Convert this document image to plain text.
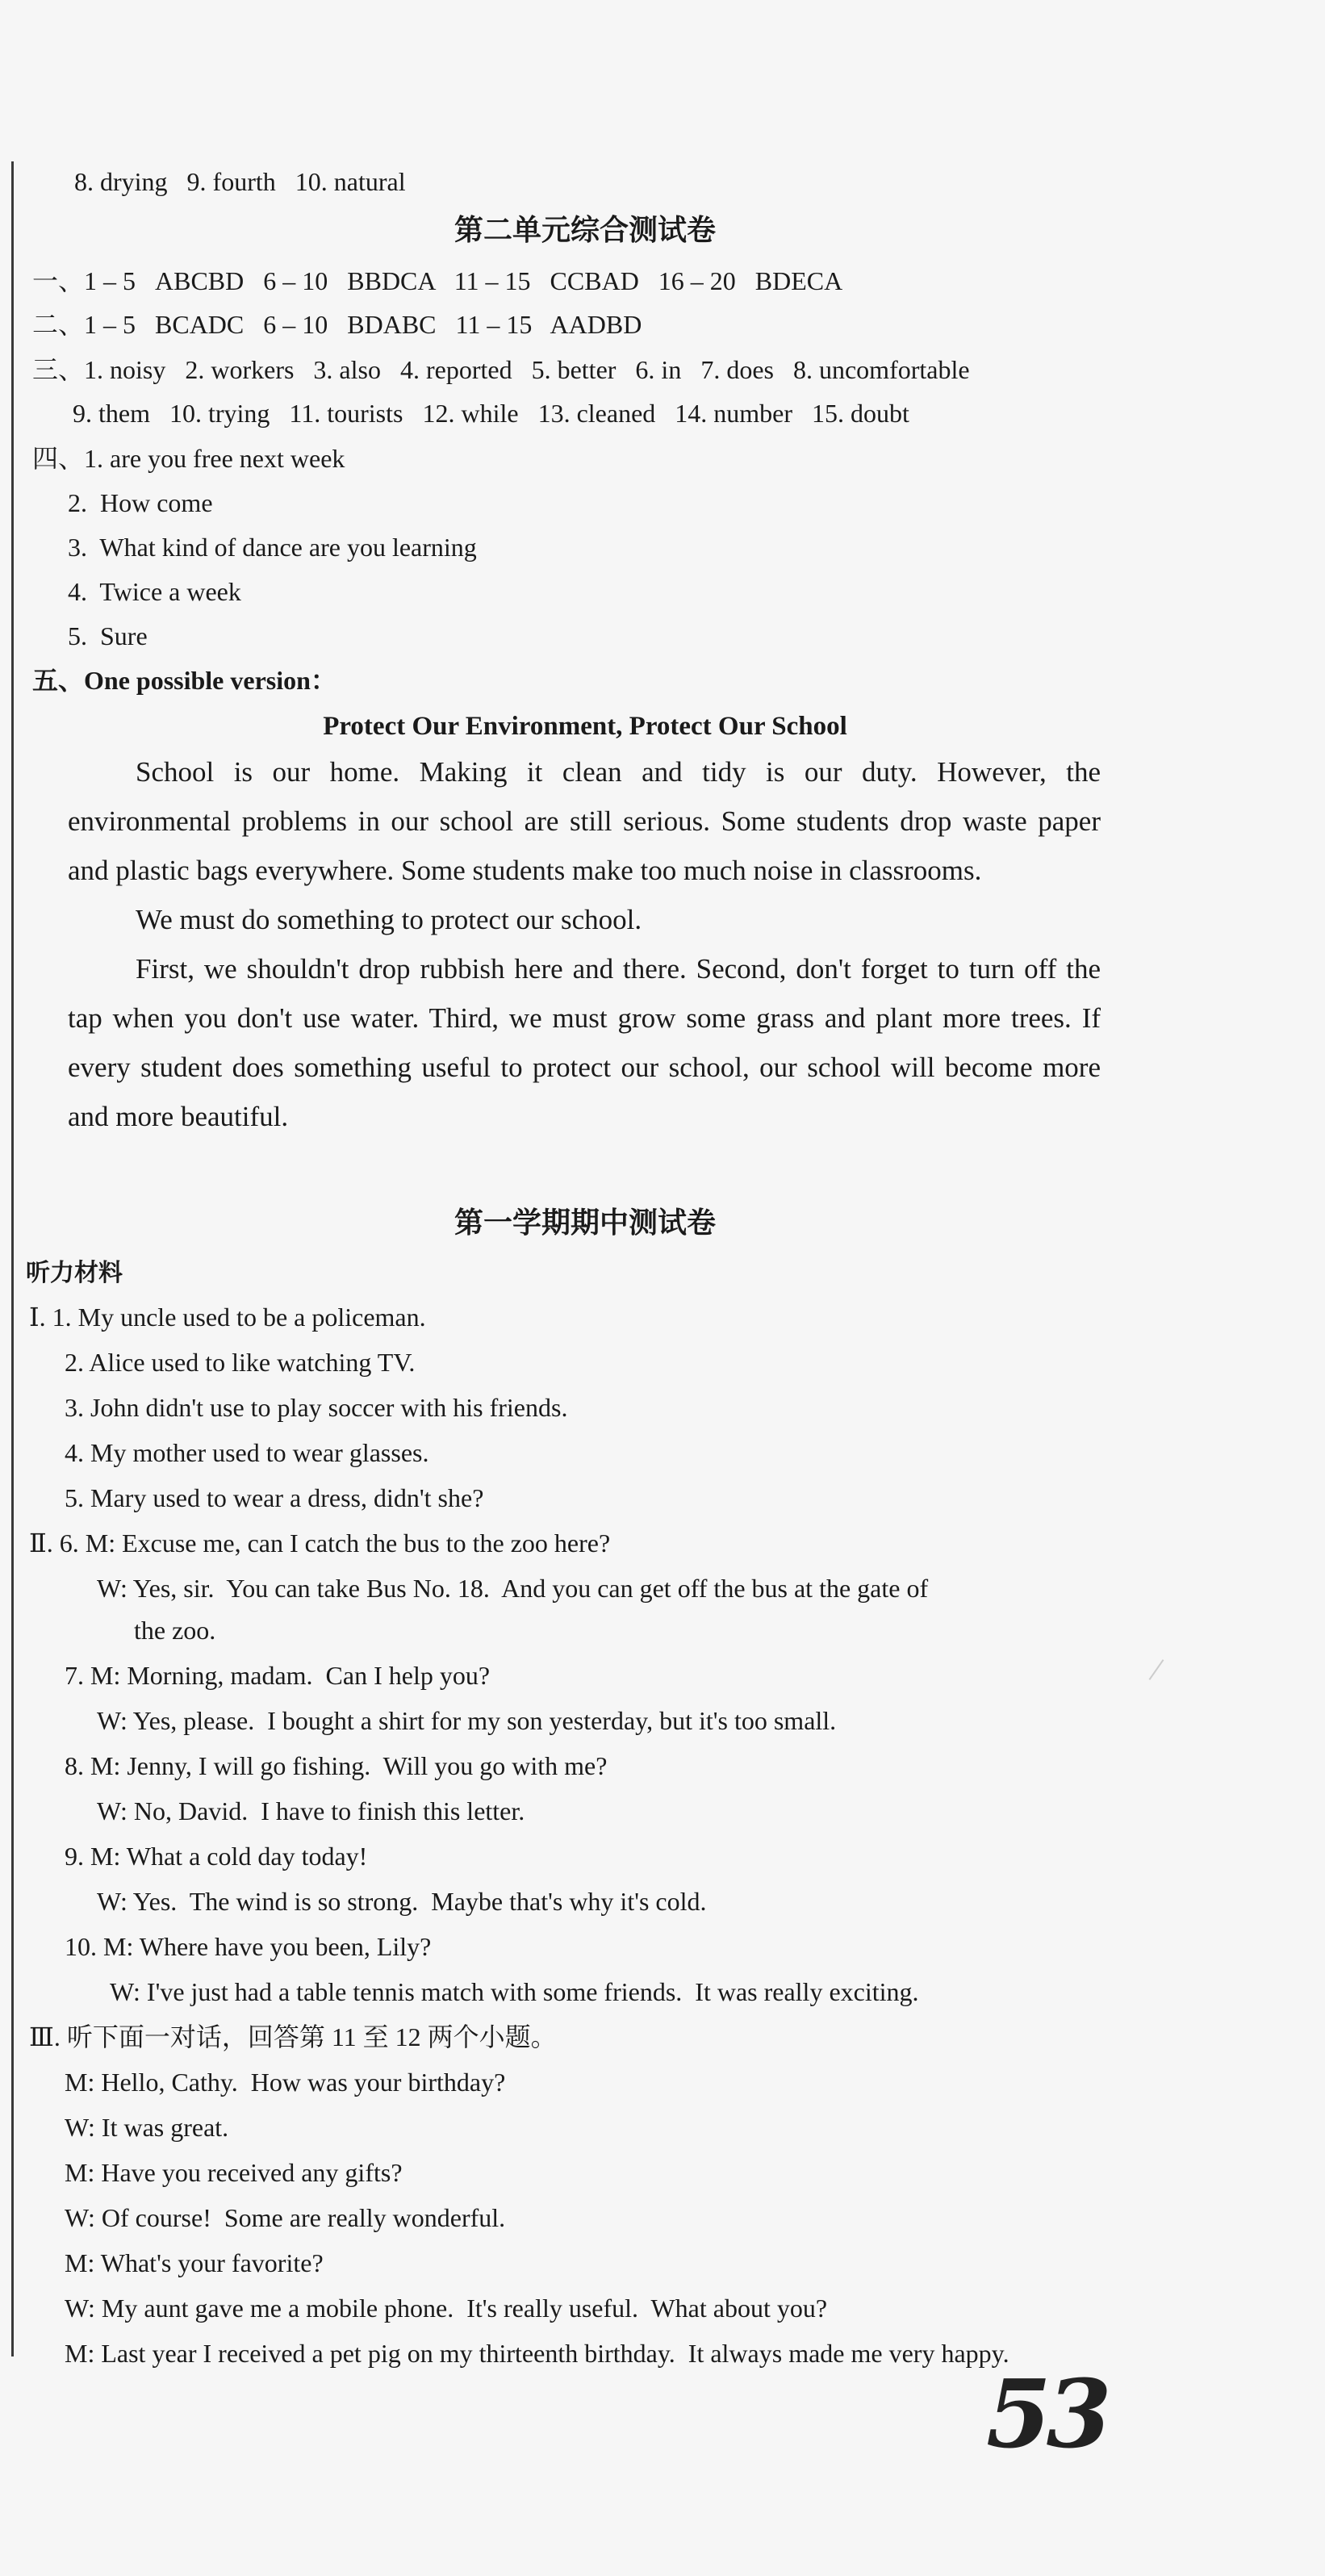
8. drying   9. fourth   10. natural
第二单元综合测试卷
一、1 – 5   ABCBD   6 – 10   BBDCA   11 – 15   CCBAD   16 – 20   BDECA
二、1 – 5   BCADC   6 – 10   BDABC   11 – 15   AADBD
三、1. noisy   2. workers   3. also   4. reported   5. better   6. in   7. does   8. uncomfortable
9. them   10. trying   11. tourists   12. while   13. cleaned   14. number   15. doubt
四、1. are you free next week
2.  How come
3.  What kind of dance are you learning
4.  Twice a week
5.  Sure
五、One possible version：
Protect Our Environment, Protect Our School

School is our home. Making it clean and tidy is our duty. However, the environmental problems in our school are still serious. Some students drop waste paper and plastic bags everywhere. Some students make too much noise in classrooms.

We must do something to protect our school.

First, we shouldn't drop rubbish here and there. Second, don't forget to turn off the tap when you don't use water. Third, we must grow some grass and plant more trees. If every student does something useful to protect our school, our school will become more and more beautiful.

第一学期期中测试卷
听力材料
Ⅰ. 1. My uncle used to be a policeman.
2. Alice used to like watching TV.
3. John didn't use to play soccer with his friends.
4. My mother used to wear glasses.
5. Mary used to wear a dress, didn't she?
Ⅱ. 6. M: Excuse me, can I catch the bus to the zoo here?
W: Yes, sir.  You can take Bus No. 18.  And you can get off the bus at the gate of
the zoo.
7. M: Morning, madam.  Can I help you?
W: Yes, please.  I bought a shirt for my son yesterday, but it's too small.
8. M: Jenny, I will go fishing.  Will you go with me?
W: No, David.  I have to finish this letter.
9. M: What a cold day today!
W: Yes.  The wind is so strong.  Maybe that's why it's cold.
10. M: Where have you been, Lily?
W: I've just had a table tennis match with some friends.  It was really exciting.
Ⅲ. 听下面一对话，回答第 11 至 12 两个小题。
M: Hello, Cathy.  How was your birthday?
W: It was great.
M: Have you received any gifts?
W: Of course!  Some are really wonderful.
M: What's your favorite?
W: My aunt gave me a mobile phone.  It's really useful.  What about you?
M: Last year I received a pet pig on my thirteenth birthday.  It always made me very happy.
53
